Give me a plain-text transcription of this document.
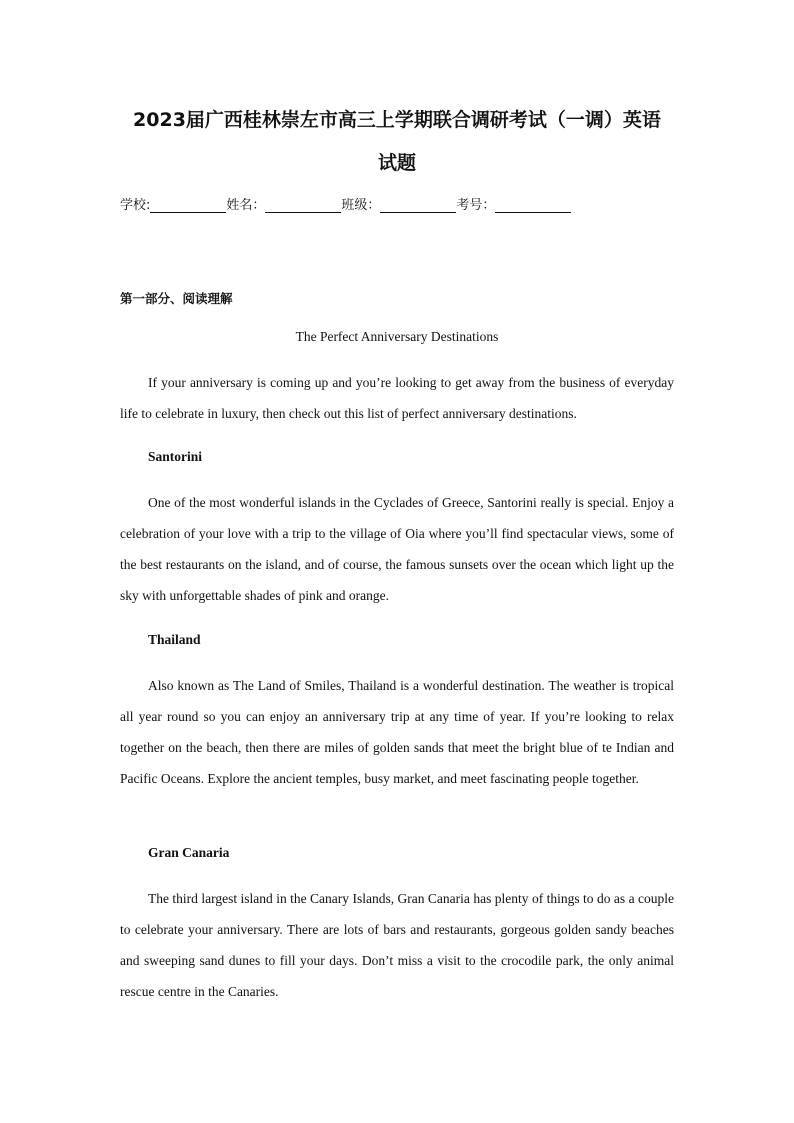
2023届广西桂林崇左市高三上学期联合调研考试（一调）英语
试题
学校:	姓名：	班级：	考号：
第一部分、阅读理解
The Perfect Anniversary Destinations

If your anniversary is coming up and you’re looking to get away from the business of everyday life to celebrate in luxury, then check out this list of perfect anniversary destinations.

Santorini

One of the most wonderful islands in the Cyclades of Greece, Santorini really is special. Enjoy a celebration of your love with a trip to the village of Oia where you’ll find spectacular views, some of the best restaurants on the island, and of course, the famous sunsets over the ocean which light up the sky with unforgettable shades of pink and orange.

Thailand

Also known as The Land of Smiles, Thailand is a wonderful destination. The weather is tropical all year round so you can enjoy an anniversary trip at any time of year. If you’re looking to relax together on the beach, then there are miles of golden sands that meet the bright blue of te Indian and Pacific Oceans. Explore the ancient temples, busy market, and meet fascinating people together.

Gran Canaria

The third largest island in the Canary Islands, Gran Canaria has plenty of things to do as a couple to celebrate your anniversary. There are lots of bars and restaurants, gorgeous golden sandy beaches and sweeping sand dunes to fill your days. Don’t miss a visit to the crocodile park, the only animal rescue centre in the Canaries.
